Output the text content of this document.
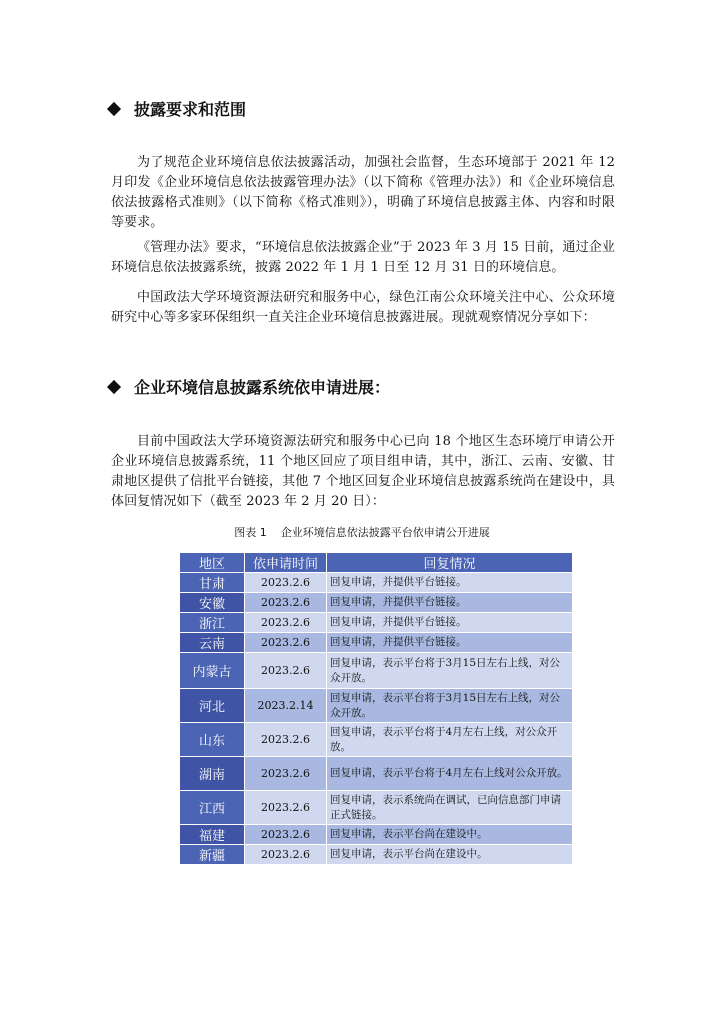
披露要求和范围

为了规范企业环境信息依法披露活动，加强社会监督，生态环境部于 2021 年 12 月印发《企业环境信息依法披露管理办法》（以下简称《管理办法》）和《企业环境信息依法披露格式准则》（以下简称《格式准则》），明确了环境信息披露主体、内容和时限等要求。

《管理办法》要求，“环境信息依法披露企业”于 2023 年 3 月 15 日前，通过企业环境信息依法披露系统，披露 2022 年 1 月 1 日至 12 月 31 日的环境信息。

中国政法大学环境资源法研究和服务中心，绿色江南公众环境关注中心、公众环境研究中心等多家环保组织一直关注企业环境信息披露进展。现就观察情况分享如下：

企业环境信息披露系统依申请进展：

目前中国政法大学环境资源法研究和服务中心已向 18 个地区生态环境厅申请公开企业环境信息披露系统，11 个地区回应了项目组申请，其中，浙江、云南、安徽、甘肃地区提供了信批平台链接，其他 7 个地区回复企业环境信息披露系统尚在建设中，具体回复情况如下（截至 2023 年 2 月 20 日）：

图表 1 企业环境信息依法披露平台依申请公开进展
地区	依申请时间	回复情况
甘肃	2023.2.6	回复申请，并提供平台链接。
安徽	2023.2.6	回复申请，并提供平台链接。
浙江	2023.2.6	回复申请，并提供平台链接。
云南	2023.2.6	回复申请，并提供平台链接。
内蒙古	2023.2.6	回复申请，表示平台将于3月15日左右上线，对公众开放。
河北	2023.2.14	回复申请，表示平台将于3月15日左右上线，对公众开放。
山东	2023.2.6	回复申请，表示平台将于4月左右上线，对公众开放。
湖南	2023.2.6	回复申请，表示平台将于4月左右上线对公众开放。
江西	2023.2.6	回复申请，表示系统尚在调试，已向信息部门申请正式链接。
福建	2023.2.6	回复申请，表示平台尚在建设中。
新疆	2023.2.6	回复申请，表示平台尚在建设中。
